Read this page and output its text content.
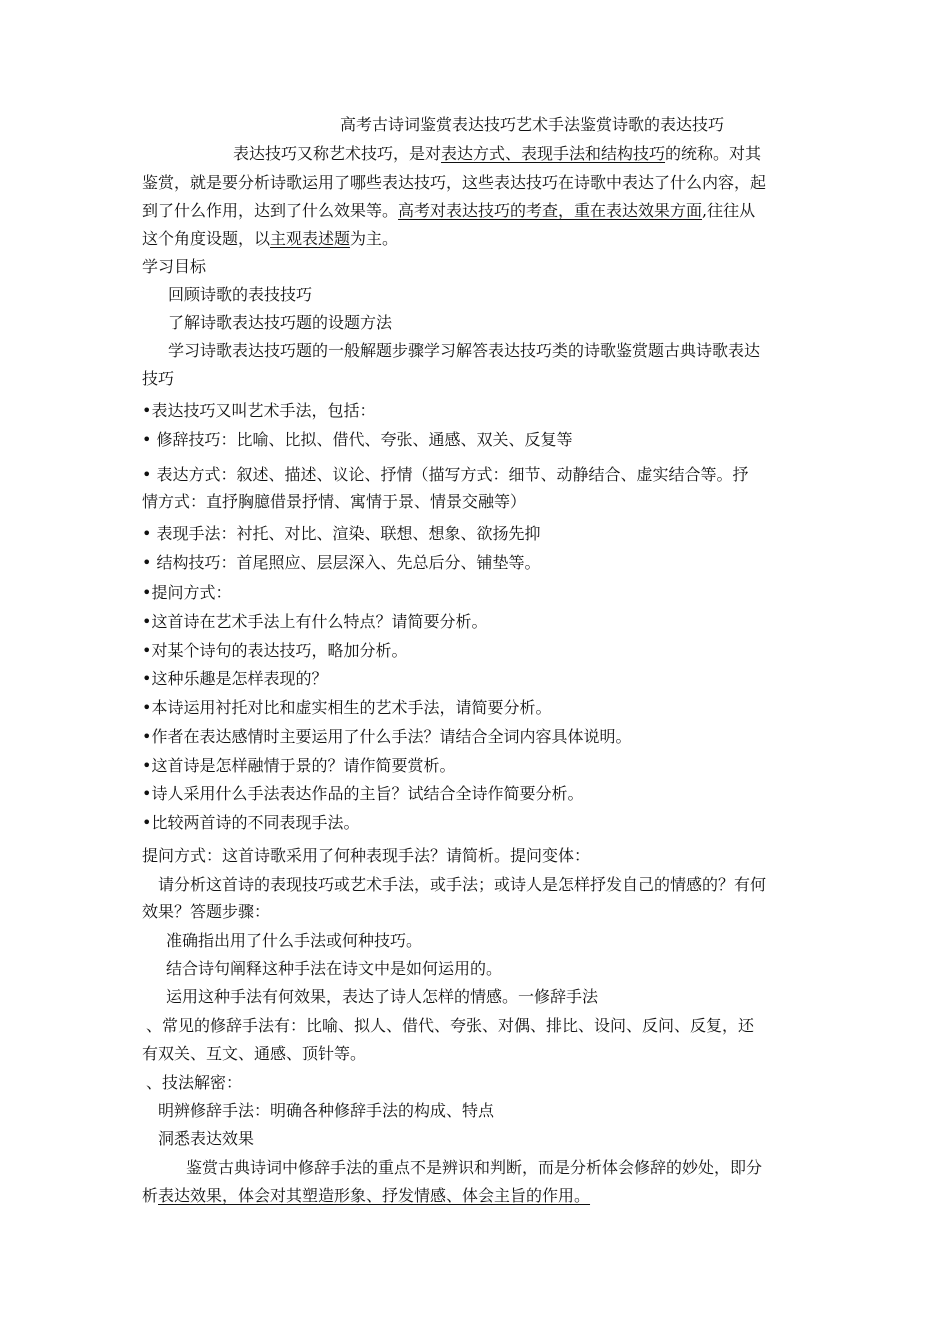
高考古诗词鉴赏表达技巧艺术手法鉴赏诗歌的表达技巧

表达技巧又称艺术技巧，是对表达方式、表现手法和结构技巧的统称。对其

鉴赏，就是要分析诗歌运用了哪些表达技巧，这些表达技巧在诗歌中表达了什么内容，起

到了什么作用，达到了什么效果等。高考对表达技巧的考查，重在表达效果方面,往往从

这个角度设题，以主观表述题为主。

学习目标

回顾诗歌的表技技巧

了解诗歌表达技巧题的设题方法

学习诗歌表达技巧题的一般解题步骤学习解答表达技巧类的诗歌鉴赏题古典诗歌表达

技巧

•表达技巧又叫艺术手法，包括：

• 修辞技巧：比喻、比拟、借代、夸张、通感、双关、反复等

• 表达方式：叙述、描述、议论、抒情（描写方式：细节、动静结合、虚实结合等。抒

情方式：直抒胸臆借景抒情、寓情于景、情景交融等）

• 表现手法：衬托、对比、渲染、联想、想象、欲扬先抑

• 结构技巧：首尾照应、层层深入、先总后分、铺垫等。

•提问方式：

•这首诗在艺术手法上有什么特点？请简要分析。

•对某个诗句的表达技巧，略加分析。

•这种乐趣是怎样表现的？

•本诗运用衬托对比和虚实相生的艺术手法，请简要分析。

•作者在表达感情时主要运用了什么手法？请结合全词内容具体说明。

•这首诗是怎样融情于景的？请作简要赏析。

•诗人采用什么手法表达作品的主旨？试结合全诗作简要分析。

•比较两首诗的不同表现手法。

提问方式：这首诗歌采用了何种表现手法？请简析。提问变体：

请分析这首诗的表现技巧或艺术手法，或手法；或诗人是怎样抒发自己的情感的？有何

效果？答题步骤：

准确指出用了什么手法或何种技巧。

结合诗句阐释这种手法在诗文中是如何运用的。

运用这种手法有何效果，表达了诗人怎样的情感。一修辞手法

、常见的修辞手法有：比喻、拟人、借代、夸张、对偶、排比、设问、反问、反复，还

有双关、互文、通感、顶针等。

、技法解密：

明辨修辞手法：明确各种修辞手法的构成、特点

洞悉表达效果

鉴赏古典诗词中修辞手法的重点不是辨识和判断，而是分析体会修辞的妙处，即分

析表达效果，体会对其塑造形象、抒发情感、体会主旨的作用。
